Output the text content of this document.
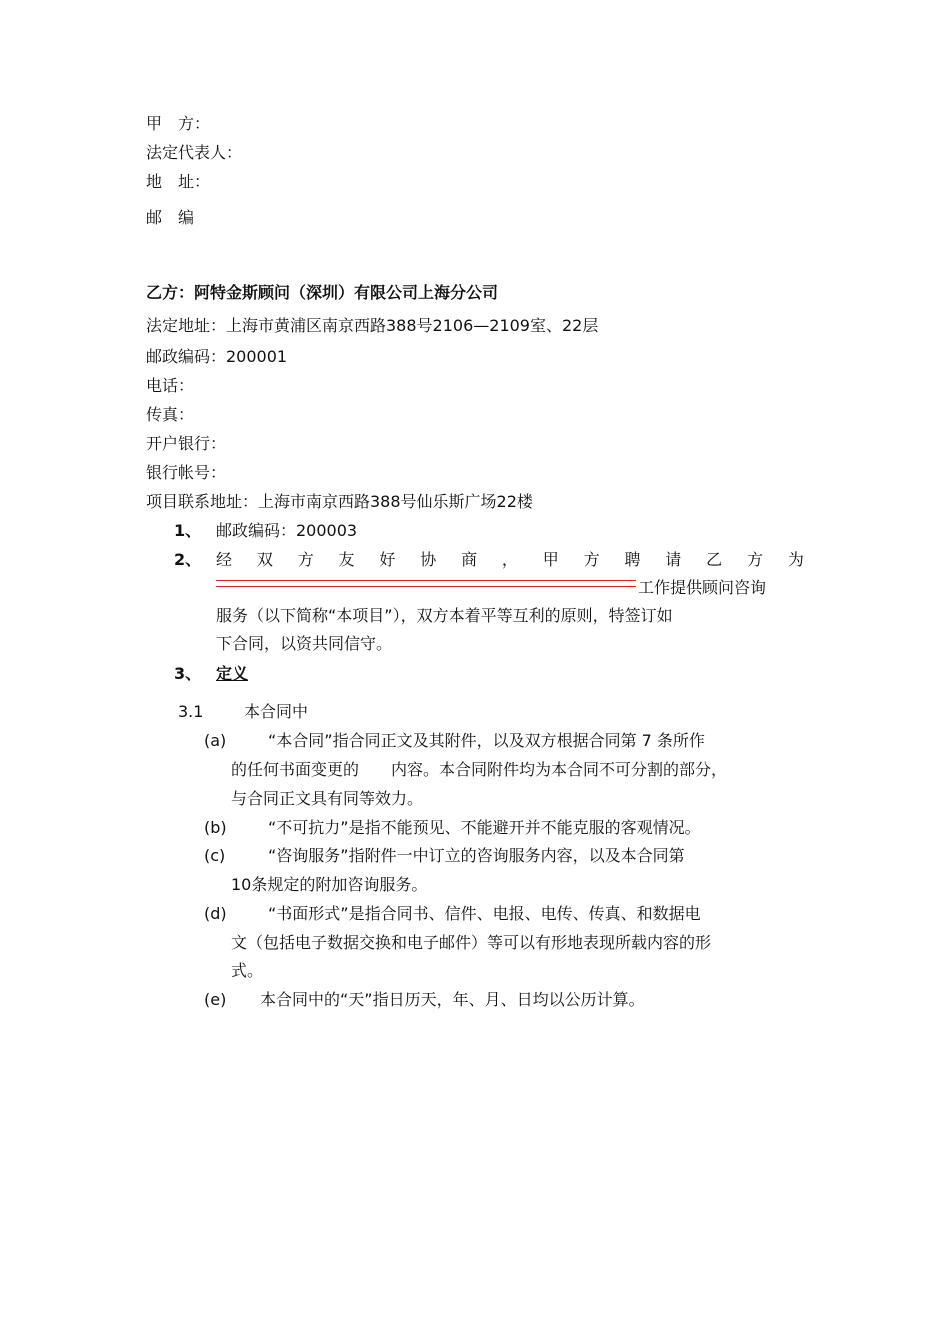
甲　方：
法定代表人：
地　址：
邮　编
乙方：阿特金斯顾问（深圳）有限公司上海分公司
法定地址：上海市黄浦区南京西路388号2106—2109室、22层
邮政编码：200001
电话：
传真：
开户银行：
银行帐号：
项目联系地址：上海市南京西路388号仙乐斯广场22楼
1、 邮政编码：200003
2、 经 双 方 友 好 协 商 ， 甲 方 聘 请 乙 方 为
工作提供顾问咨询
服务（以下简称“本项目”），双方本着平等互利的原则，特签订如
下合同，以资共同信守。
3、 定义
3.1	本合同中
(a)	“本合同”指合同正文及其附件，以及双方根据合同第 7 条所作
的任何书面变更的　　内容。本合同附件均为本合同不可分割的部分，
与合同正文具有同等效力。
(b)	“不可抗力”是指不能预见、不能避开并不能克服的客观情况。
(c)	“咨询服务”指附件一中订立的咨询服务内容，以及本合同第
10条规定的附加咨询服务。
(d)	“书面形式”是指合同书、信件、电报、电传、传真、和数据电
文（包括电子数据交换和电子邮件）等可以有形地表现所载内容的形
式。
(e) 本合同中的“天”指日历天，年、月、日均以公历计算。
